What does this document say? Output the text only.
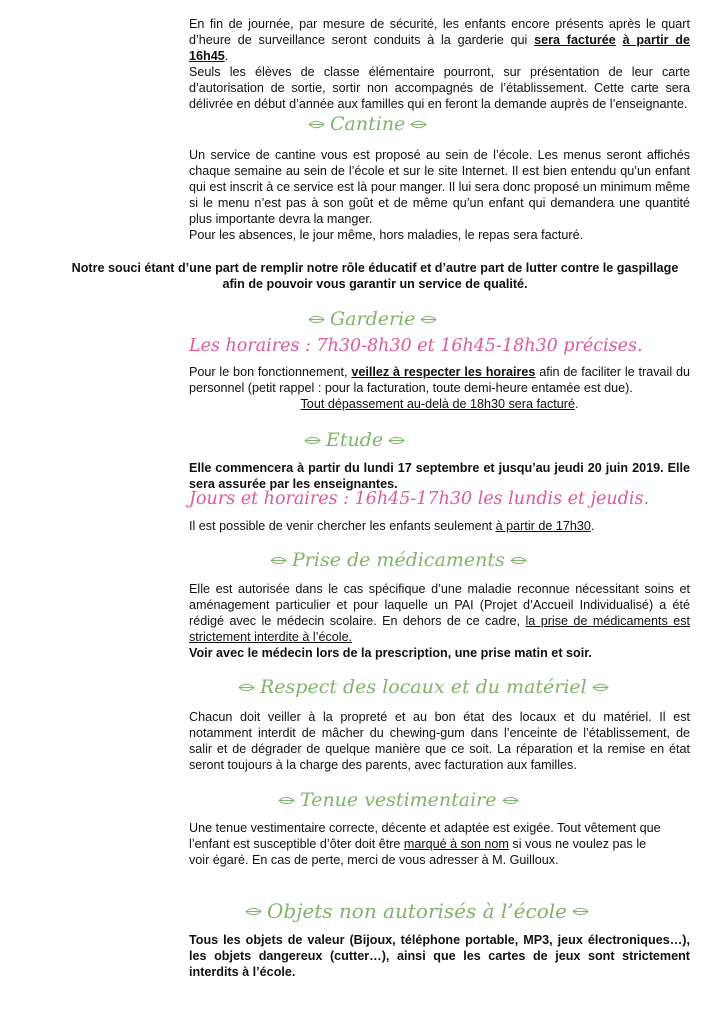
En fin de journée, par mesure de sécurité, les enfants encore présents après le quart d’heure de surveillance seront conduits à la garderie qui sera facturée à partir de 16h45.

Seuls les élèves de classe élémentaire pourront, sur présentation de leur carte d’autorisation de sortie, sortir non accompagnés de l’établissement. Cette carte sera délivrée en début d’année aux familles qui en feront la demande auprès de l’enseignante.

Cantine

Un service de cantine vous est proposé au sein de l’école. Les menus seront affichés chaque semaine au sein de l’école et sur le site Internet. Il est bien entendu qu’un enfant qui est inscrit à ce service est là pour manger. Il lui sera donc proposé un minimum même si le menu n’est pas à son goût et de même qu’un enfant qui demandera une quantité plus importante devra la manger.

Pour les absences, le jour même, hors maladies, le repas sera facturé.

Notre souci étant d’une part de remplir notre rôle éducatif et d’autre part de lutter contre le gaspillage

afin de pouvoir vous garantir un service de qualité.

Garderie
Les horaires : 7h30-8h30 et 16h45-18h30 précises.

Pour le bon fonctionnement, veillez à respecter les horaires afin de faciliter le travail du personnel (petit rappel : pour la facturation, toute demi-heure entamée est due).

Tout dépassement au-delà de 18h30 sera facturé.

Etude
Elle commencera à partir du lundi 17 septembre et jusqu’au jeudi 20 juin 2019. Elle sera assurée par les enseignantes.
Jours et horaires : 16h45-17h30 les lundis et jeudis.

Il est possible de venir chercher les enfants seulement à partir de 17h30.

Prise de médicaments

Elle est autorisée dans le cas spécifique d’une maladie reconnue nécessitant soins et aménagement particulier et pour laquelle un PAI (Projet d’Accueil Individualisé) a été rédigé avec le médecin scolaire. En dehors de ce cadre, la prise de médicaments est strictement interdite à l’école.

Voir avec le médecin lors de la prescription, une prise matin et soir.

Respect des locaux et du matériel
Chacun doit veiller à la propreté et au bon état des locaux et du matériel. Il est notamment interdit de mâcher du chewing-gum dans l’enceinte de l’établissement, de salir et de dégrader de quelque manière que ce soit. La réparation et la remise en état seront toujours à la charge des parents, avec facturation aux familles.
Tenue vestimentaire

Une tenue vestimentaire correcte, décente et adaptée est exigée. Tout vêtement que l’enfant est susceptible d’ôter doit être marqué à son nom si vous ne voulez pas le voir égaré. En cas de perte, merci de vous adresser à M. Guilloux.

Objets non autorisés à l’école
Tous les objets de valeur (Bijoux, téléphone portable, MP3, jeux électroniques…), les objets dangereux (cutter…), ainsi que les cartes de jeux sont strictement interdits à l’école.
